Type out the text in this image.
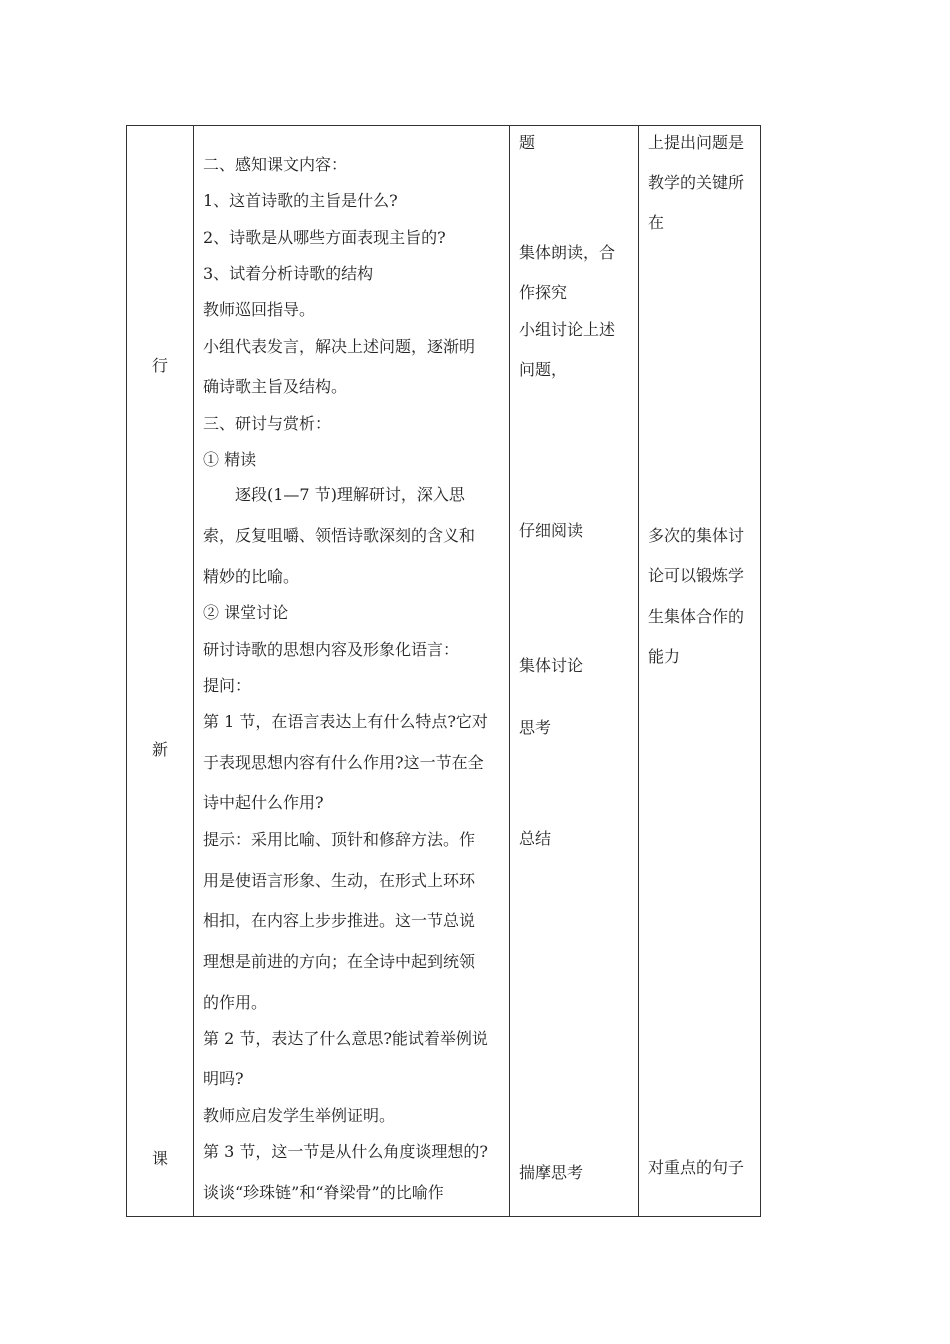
行
新
课
二、感知课文内容：
1、这首诗歌的主旨是什么?
2、诗歌是从哪些方面表现主旨的?
3、试着分析诗歌的结构
教师巡回指导。
小组代表发言，解决上述问题，逐渐明
确诗歌主旨及结构。
三、研讨与赏析：
① 精读
逐段(1—7 节)理解研讨，深入思
索，反复咀嚼、领悟诗歌深刻的含义和
精妙的比喻。
② 课堂讨论
研讨诗歌的思想内容及形象化语言：
提问：
第 1 节，在语言表达上有什么特点?它对
于表现思想内容有什么作用?这一节在全
诗中起什么作用?
提示：采用比喻、顶针和修辞方法。作
用是使语言形象、生动，在形式上环环
相扣，在内容上步步推进。这一节总说
理想是前进的方向；在全诗中起到统领
的作用。
第 2 节，表达了什么意思?能试着举例说
明吗?
教师应启发学生举例证明。
第 3 节，这一节是从什么角度谈理想的?
谈谈“珍珠链”和“脊梁骨”的比喻作
题
集体朗读，合
作探究
小组讨论上述
问题，
仔细阅读
集体讨论
思考
总结
揣摩思考
上提出问题是
教学的关键所
在
多次的集体讨
论可以锻炼学
生集体合作的
能力
对重点的句子
